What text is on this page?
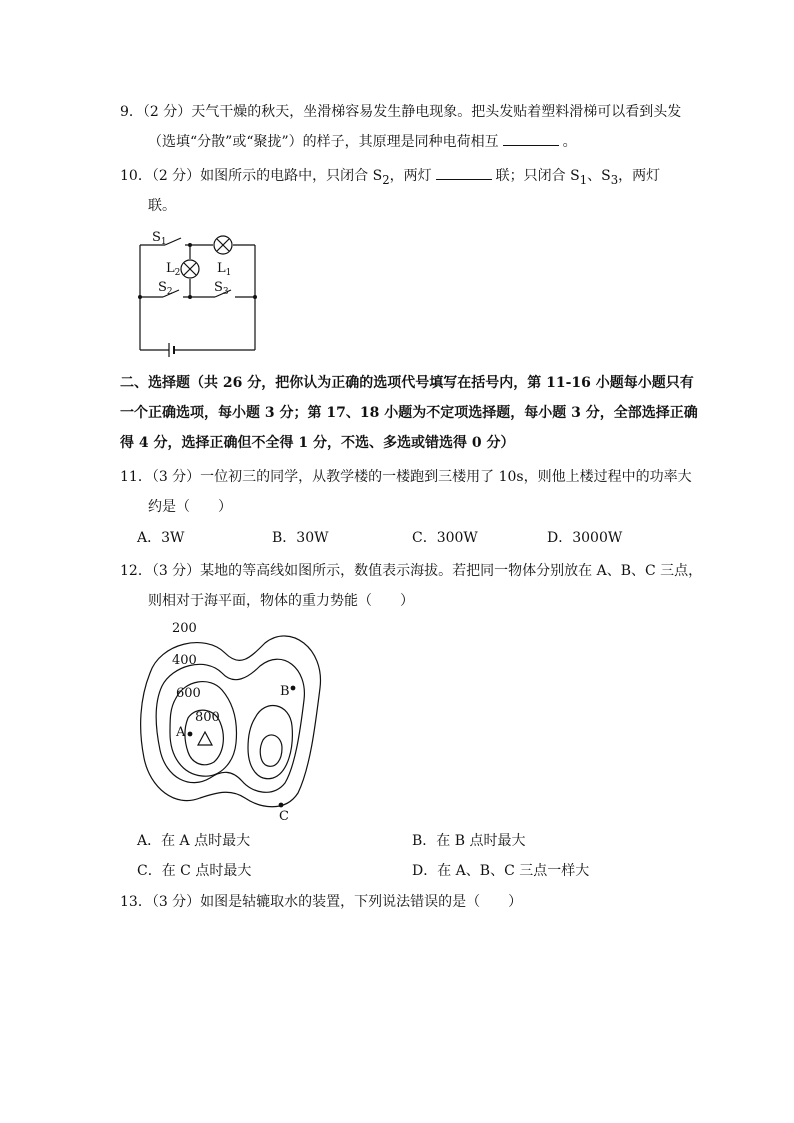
9．（2 分）天气干燥的秋天，坐滑梯容易发生静电现象。把头发贴着塑料滑梯可以看到头发
（选填“分散”或“聚拢”）的样子，其原理是同种电荷相互	。
10．（2 分）如图所示的电路中，只闭合 $S_2$，两灯	联；只闭合 $S_1$、$S_3$，两灯
联。
$S_1$
$L_1$
$L_2$
$S_2$	$S_3$
二、选择题（共 26 分，把你认为正确的选项代号填写在括号内，第 11-16 小题每小题只有
一个正确选项，每小题 3 分；第 17、18 小题为不定项选择题，每小题 3 分，全部选择正确
得 4 分，选择正确但不全得 1 分，不选、多选或错选得 0 分）
11．（3 分）一位初三的同学，从教学楼的一楼跑到三楼用了 10s，则他上楼过程中的功率大
约是（　　）
A．3W	B．30W	C．300W	D．3000W
12．（3 分）某地的等高线如图所示，数值表示海拔。若把同一物体分别放在 A、B、C 三点，
则相对于海平面，物体的重力势能（　　）
200
400
600
800
A
B
C
A．在 A 点时最大	B．在 B 点时最大
C．在 C 点时最大	D．在 A、B、C 三点一样大
13．（3 分）如图是轱辘取水的装置，下列说法错误的是（　　）
